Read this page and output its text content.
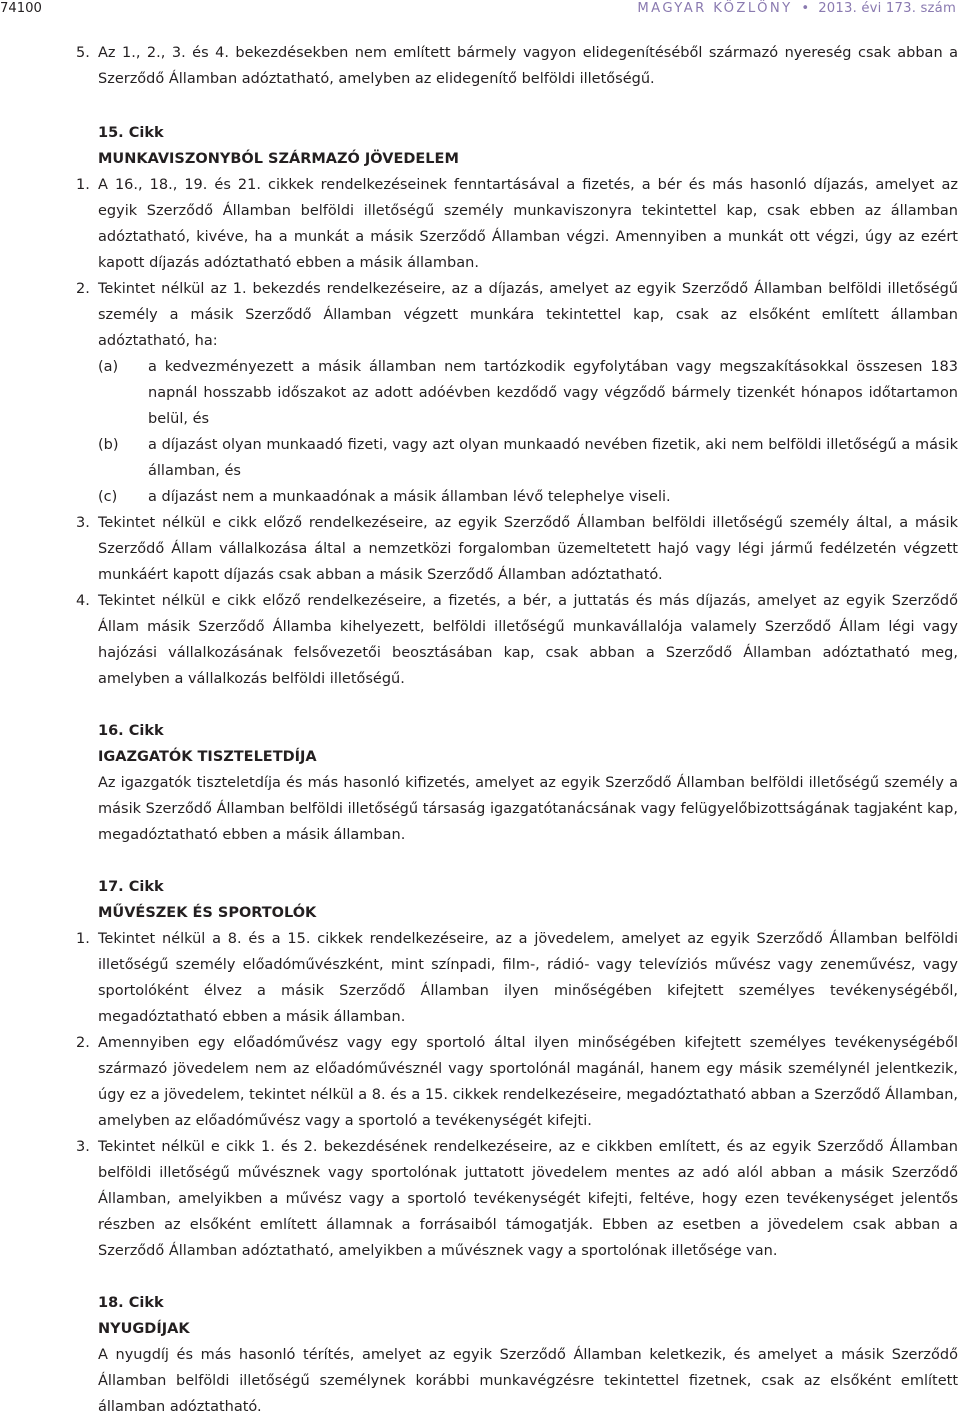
74100	MAGYAR KÖZLÖNY • 2013. évi 173. szám

5. Az 1., 2., 3. és 4. bekezdésekben nem említett bármely vagyon elidegenítéséből származó nyereség csak abban a Szerződő Államban adóztatható, amelyben az elidegenítő belföldi illetőségű.

15. Cikk

MUNKAVISZONYBÓL SZÁRMAZÓ JÖVEDELEM

1. A 16., 18., 19. és 21. cikkek rendelkezéseinek fenntartásával a fizetés, a bér és más hasonló díjazás, amelyet az egyik Szerződő Államban belföldi illetőségű személy munkaviszonyra tekintettel kap, csak ebben az államban adóztatható, kivéve, ha a munkát a másik Szerződő Államban végzi. Amennyiben a munkát ott végzi, úgy az ezért kapott díjazás adóztatható ebben a másik államban.

2. Tekintet nélkül az 1. bekezdés rendelkezéseire, az a díjazás, amelyet az egyik Szerződő Államban belföldi illetőségű személy a másik Szerződő Államban végzett munkára tekintettel kap, csak az elsőként említett államban adóztatható, ha:

(a) a kedvezményezett a másik államban nem tartózkodik egyfolytában vagy megszakításokkal összesen 183 napnál hosszabb időszakot az adott adóévben kezdődő vagy végződő bármely tizenkét hónapos időtartamon belül, és

(b) a díjazást olyan munkaadó fizeti, vagy azt olyan munkaadó nevében fizetik, aki nem belföldi illetőségű a másik államban, és

(c) a díjazást nem a munkaadónak a másik államban lévő telephelye viseli.

3. Tekintet nélkül e cikk előző rendelkezéseire, az egyik Szerződő Államban belföldi illetőségű személy által, a másik Szerződő Állam vállalkozása által a nemzetközi forgalomban üzemeltetett hajó vagy légi jármű fedélzetén végzett munkáért kapott díjazás csak abban a másik Szerződő Államban adóztatható.

4. Tekintet nélkül e cikk előző rendelkezéseire, a fizetés, a bér, a juttatás és más díjazás, amelyet az egyik Szerződő Állam másik Szerződő Államba kihelyezett, belföldi illetőségű munkavállalója valamely Szerződő Állam légi vagy hajózási vállalkozásának felsővezetői beosztásában kap, csak abban a Szerződő Államban adóztatható meg, amelyben a vállalkozás belföldi illetőségű.

16. Cikk

IGAZGATÓK TISZTELETDÍJA

Az igazgatók tiszteletdíja és más hasonló kifizetés, amelyet az egyik Szerződő Államban belföldi illetőségű személy a másik Szerződő Államban belföldi illetőségű társaság igazgatótanácsának vagy felügyelőbizottságának tagjaként kap, megadóztatható ebben a másik államban.

17. Cikk

MŰVÉSZEK ÉS SPORTOLÓK

1. Tekintet nélkül a 8. és a 15. cikkek rendelkezéseire, az a jövedelem, amelyet az egyik Szerződő Államban belföldi illetőségű személy előadóművészként, mint színpadi, film-, rádió- vagy televíziós művész vagy zeneművész, vagy sportolóként élvez a másik Szerződő Államban ilyen minőségében kifejtett személyes tevékenységéből, megadóztatható ebben a másik államban.

2. Amennyiben egy előadóművész vagy egy sportoló által ilyen minőségében kifejtett személyes tevékenységéből származó jövedelem nem az előadóművésznél vagy sportolónál magánál, hanem egy másik személynél jelentkezik, úgy ez a jövedelem, tekintet nélkül a 8. és a 15. cikkek rendelkezéseire, megadóztatható abban a Szerződő Államban, amelyben az előadóművész vagy a sportoló a tevékenységét kifejti.

3. Tekintet nélkül e cikk 1. és 2. bekezdésének rendelkezéseire, az e cikkben említett, és az egyik Szerződő Államban belföldi illetőségű művésznek vagy sportolónak juttatott jövedelem mentes az adó alól abban a másik Szerződő Államban, amelyikben a művész vagy a sportoló tevékenységét kifejti, feltéve, hogy ezen tevékenységet jelentős részben az elsőként említett államnak a forrásaiból támogatják. Ebben az esetben a jövedelem csak abban a Szerződő Államban adóztatható, amelyikben a művésznek vagy a sportolónak illetősége van.

18. Cikk

NYUGDÍJAK

A nyugdíj és más hasonló térítés, amelyet az egyik Szerződő Államban keletkezik, és amelyet a másik Szerződő Államban belföldi illetőségű személynek korábbi munkavégzésre tekintettel fizetnek, csak az elsőként említett államban adóztatható.
